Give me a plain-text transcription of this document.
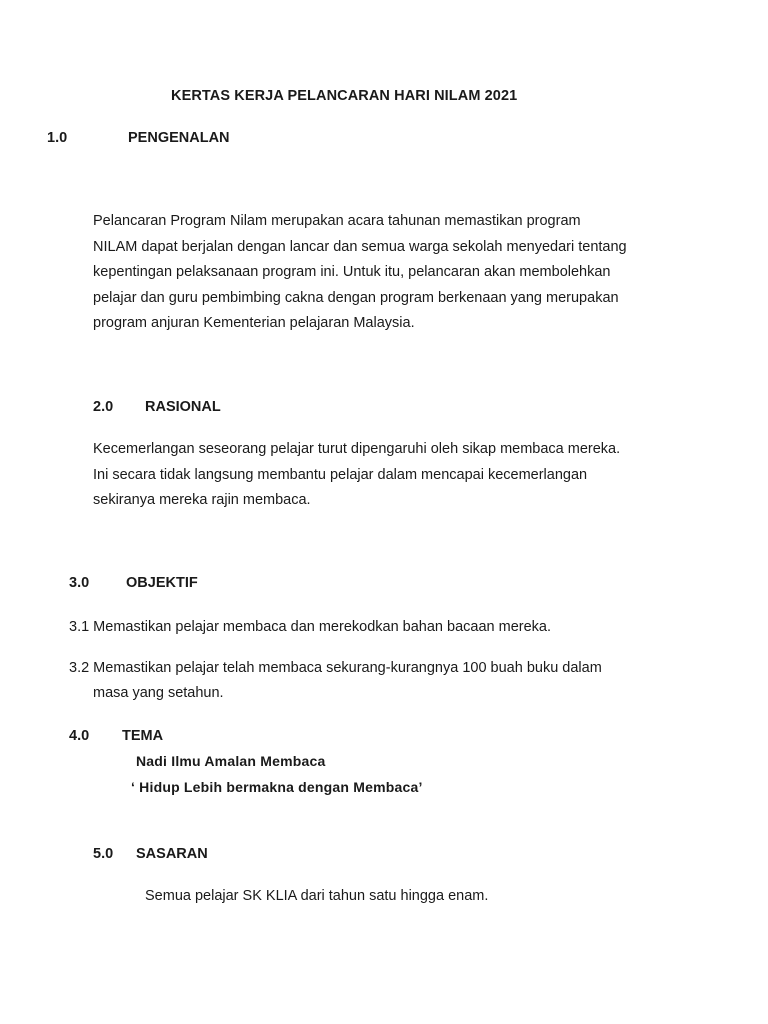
KERTAS KERJA PELANCARAN HARI NILAM 2021
1.0	PENGENALAN
Pelancaran Program Nilam merupakan acara tahunan memastikan program
NILAM dapat berjalan dengan lancar dan semua warga sekolah menyedari tentang
kepentingan pelaksanaan program ini. Untuk itu, pelancaran akan membolehkan
pelajar dan guru pembimbing cakna dengan program berkenaan yang merupakan
program anjuran Kementerian pelajaran Malaysia.
2.0 RASIONAL
Kecemerlangan seseorang pelajar turut dipengaruhi oleh sikap membaca mereka.
Ini secara tidak langsung membantu pelajar dalam mencapai kecemerlangan
sekiranya mereka rajin membaca.
3.0	OBJEKTIF
3.1 Memastikan pelajar membaca dan merekodkan bahan bacaan mereka.
3.2 Memastikan pelajar telah membaca sekurang-kurangnya 100 buah buku dalam
masa yang setahun.
4.0 TEMA
Nadi Ilmu Amalan Membaca
‘ Hidup Lebih bermakna dengan Membaca’
5.0 SASARAN
Semua pelajar SK KLIA dari tahun satu hingga enam.
